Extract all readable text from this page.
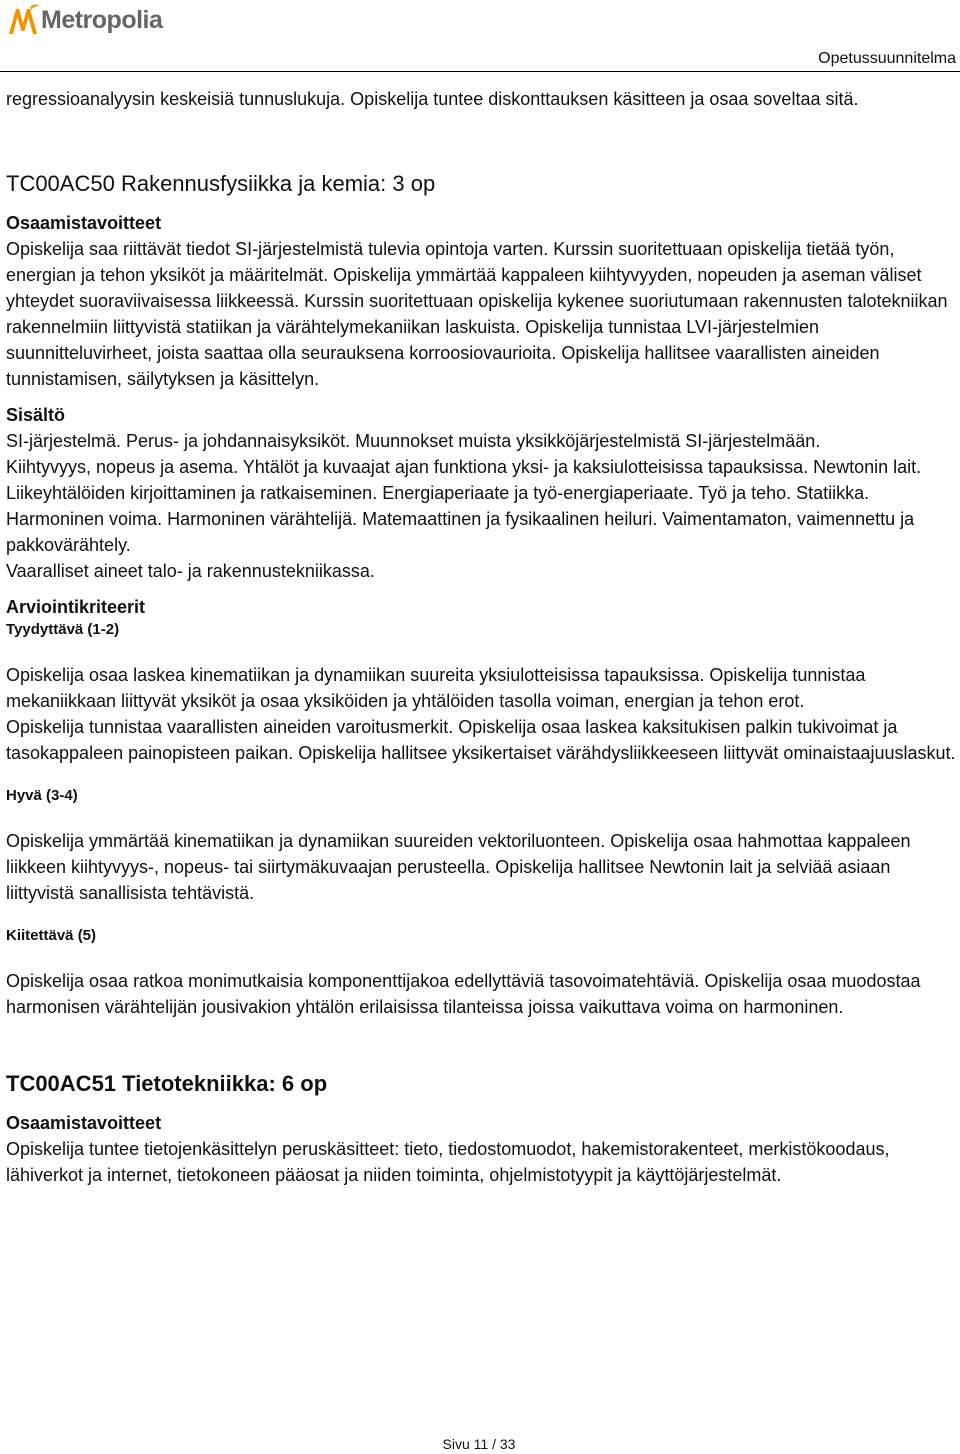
Metropolia
Opetussuunnitelma

regressioanalyysin keskeisiä tunnuslukuja. Opiskelija tuntee diskonttauksen käsitteen ja osaa soveltaa sitä.

TC00AC50 Rakennusfysiikka ja kemia: 3 op
Osaamistavoitteet

Opiskelija saa riittävät tiedot SI-järjestelmistä tulevia opintoja varten. Kurssin suoritettuaan opiskelija tietää työn, energian ja tehon yksiköt ja määritelmät. Opiskelija ymmärtää kappaleen kiihtyvyyden, nopeuden ja aseman väliset yhteydet suoraviivaisessa liikkeessä. Kurssin suoritettuaan opiskelija kykenee suoriutumaan rakennusten talotekniikan rakennelmiin liittyvistä statiikan ja värähtelymekaniikan laskuista. Opiskelija tunnistaa LVI-järjestelmien suunnitteluvirheet, joista saattaa olla seurauksena korroosiovaurioita. Opiskelija hallitsee vaarallisten aineiden tunnistamisen, säilytyksen ja käsittelyn.

Sisältö

SI-järjestelmä. Perus- ja johdannaisyksiköt. Muunnokset muista yksikköjärjestelmistä SI-järjestelmään.

Kiihtyvyys, nopeus ja asema. Yhtälöt ja kuvaajat ajan funktiona yksi- ja kaksiulotteisissa tapauksissa. Newtonin lait. Liikeyhtälöiden kirjoittaminen ja ratkaiseminen. Energiaperiaate ja työ-energiaperiaate. Työ ja teho. Statiikka.

Harmoninen voima. Harmoninen värähtelijä. Matemaattinen ja fysikaalinen heiluri. Vaimentamaton, vaimennettu ja pakkovärähtely.

Vaaralliset aineet talo- ja rakennustekniikassa.

Arviointikriteerit
Tyydyttävä (1-2)

Opiskelija osaa laskea kinematiikan ja dynamiikan suureita yksiulotteisissa tapauksissa. Opiskelija tunnistaa mekaniikkaan liittyvät yksiköt ja osaa yksiköiden ja yhtälöiden tasolla voiman, energian ja tehon erot.

Opiskelija tunnistaa vaarallisten aineiden varoitusmerkit. Opiskelija osaa laskea kaksitukisen palkin tukivoimat ja tasokappaleen painopisteen paikan. Opiskelija hallitsee yksikertaiset värähdysliikkeeseen liittyvät ominaistaajuuslaskut.

Hyvä (3-4)

Opiskelija ymmärtää kinematiikan ja dynamiikan suureiden vektoriluonteen. Opiskelija osaa hahmottaa kappaleen liikkeen kiihtyvyys-, nopeus- tai siirtymäkuvaajan perusteella. Opiskelija hallitsee Newtonin lait ja selviää asiaan liittyvistä sanallisista tehtävistä.

Kiitettävä (5)

Opiskelija osaa ratkoa monimutkaisia komponenttijakoa edellyttäviä tasovoimatehtäviä. Opiskelija osaa muodostaa harmonisen värähtelijän jousivakion yhtälön erilaisissa tilanteissa joissa vaikuttava voima on harmoninen.

TC00AC51 Tietotekniikka: 6 op
Osaamistavoitteet

Opiskelija tuntee tietojenkäsittelyn peruskäsitteet: tieto, tiedostomuodot, hakemistorakenteet, merkistökoodaus, lähiverkot ja internet, tietokoneen pääosat ja niiden toiminta, ohjelmistotyypit ja käyttöjärjestelmät.

Sivu 11 / 33
